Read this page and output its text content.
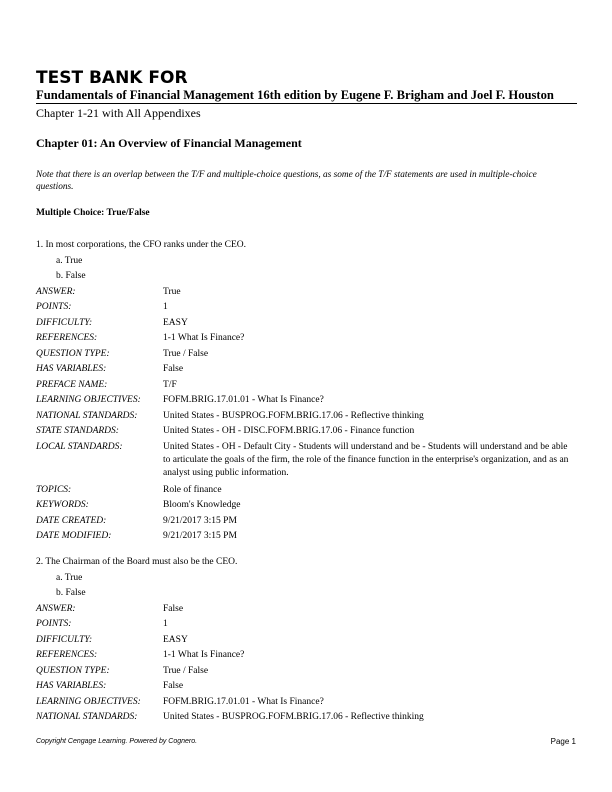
TEST BANK FOR
Fundamentals of Financial Management 16th edition by Eugene F. Brigham and Joel F. Houston
Chapter 1-21 with All Appendixes
Chapter 01: An Overview of Financial Management
Note that there is an overlap between the T/F and multiple-choice questions, as some of the T/F statements are used in multiple-choice questions.
Multiple Choice: True/False
1. In most corporations, the CFO ranks under the CEO.
a. True
b. False
ANSWER:	True
POINTS:	1
DIFFICULTY:	EASY
REFERENCES:	1-1 What Is Finance?
QUESTION TYPE:	True / False
HAS VARIABLES:	False
PREFACE NAME:	T/F
LEARNING OBJECTIVES:	FOFM.BRIG.17.01.01 - What Is Finance?
NATIONAL STANDARDS:	United States - BUSPROG.FOFM.BRIG.17.06 - Reflective thinking
STATE STANDARDS:	United States - OH - DISC.FOFM.BRIG.17.06 - Finance function
LOCAL STANDARDS:	United States - OH - Default City - Students will understand and be - Students will understand and be able to articulate the goals of the firm, the role of the finance function in the enterprise's organization, and as an analyst using public information.
TOPICS:	Role of finance
KEYWORDS:	Bloom's Knowledge
DATE CREATED:	9/21/2017 3:15 PM
DATE MODIFIED:	9/21/2017 3:15 PM
2. The Chairman of the Board must also be the CEO.
a. True
b. False
ANSWER:	False
POINTS:	1
DIFFICULTY:	EASY
REFERENCES:	1-1 What Is Finance?
QUESTION TYPE:	True / False
HAS VARIABLES:	False
LEARNING OBJECTIVES:	FOFM.BRIG.17.01.01 - What Is Finance?
NATIONAL STANDARDS:	United States - BUSPROG.FOFM.BRIG.17.06 - Reflective thinking
Copyright Cengage Learning. Powered by Cognero.	Page 1
